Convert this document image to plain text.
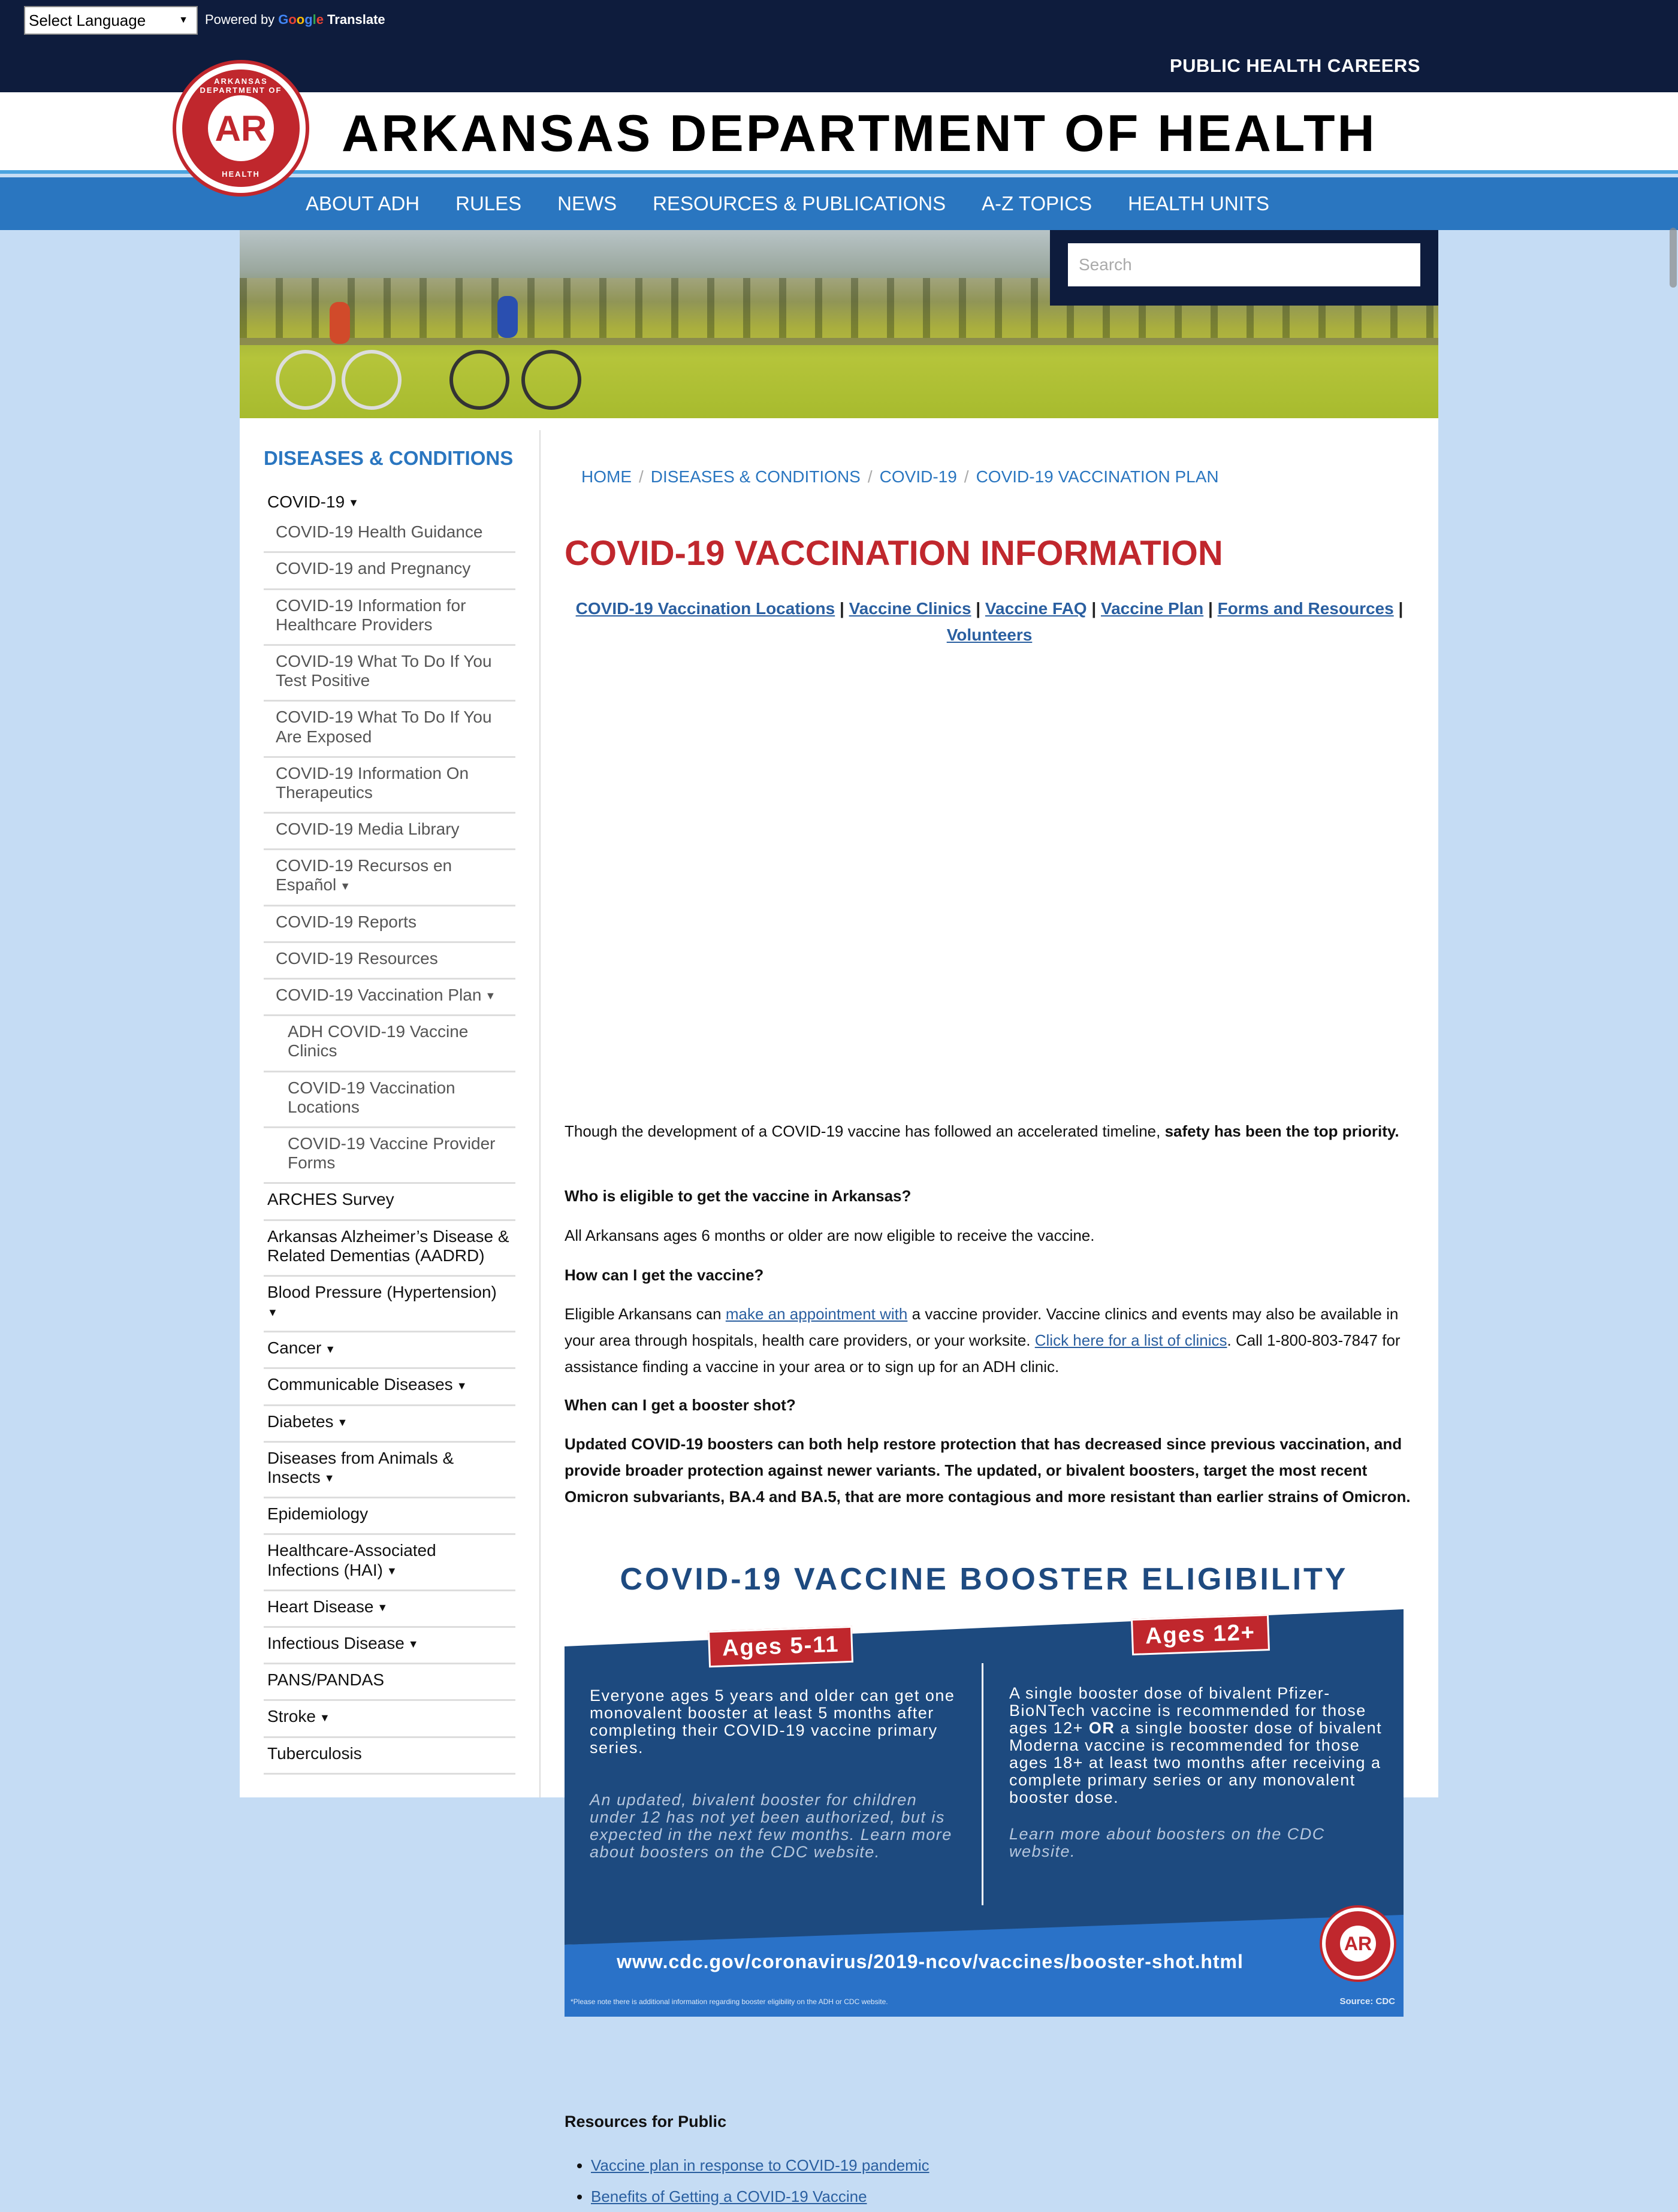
Select Language	▼ Powered by Google Translate
PUBLIC HEALTH CAREERS
ARKANSAS DEPARTMENT OF HEALTH
ARKANSAS DEPARTMENT OF
AR
HEALTH
ABOUT ADH RULES NEWS RESOURCES & PUBLICATIONS A-Z TOPICS HEALTH UNITS
Search
DISEASES & CONDITIONS
COVID-19 ▼
COVID-19 Health Guidance
COVID-19 and Pregnancy
COVID-19 Information for Healthcare Providers
COVID-19 What To Do If You Test Positive
COVID-19 What To Do If You Are Exposed
COVID-19 Information On Therapeutics
COVID-19 Media Library
COVID-19 Recursos en Español ▼
COVID-19 Reports
COVID-19 Resources
COVID-19 Vaccination Plan ▼
ADH COVID-19 Vaccine Clinics
COVID-19 Vaccination Locations
COVID-19 Vaccine Provider Forms
ARCHES Survey
Arkansas Alzheimer’s Disease & Related Dementias (AADRD)
Blood Pressure (Hypertension)
▼
Cancer ▼
Communicable Diseases ▼
Diabetes ▼
Diseases from Animals & Insects ▼
Epidemiology
Healthcare-Associated Infections (HAI) ▼
Heart Disease ▼
Infectious Disease ▼
PANS/PANDAS
Stroke ▼
Tuberculosis
HOME / DISEASES & CONDITIONS / COVID-19 / COVID-19 VACCINATION PLAN
COVID-19 VACCINATION INFORMATION
COVID-19 Vaccination Locations | Vaccine Clinics | Vaccine FAQ | Vaccine Plan | Forms and Resources |
Volunteers

Though the development of a COVID-19 vaccine has followed an accelerated timeline, safety has been the top priority.

Who is eligible to get the vaccine in Arkansas?

All Arkansans ages 6 months or older are now eligible to receive the vaccine.

How can I get the vaccine?

Eligible Arkansans can make an appointment with a vaccine provider. Vaccine clinics and events may also be available in your area through hospitals, health care providers, or your worksite. Click here for a list of clinics. Call 1-800-803-7847 for assistance finding a vaccine in your area or to sign up for an ADH clinic.

When can I get a booster shot?

Updated COVID-19 boosters can both help restore protection that has decreased since previous vaccination, and provide broader protection against newer variants. The updated, or bivalent boosters, target the most recent Omicron subvariants, BA.4 and BA.5, that are more contagious and more resistant than earlier strains of Omicron.

COVID-19 VACCINE BOOSTER ELIGIBILITY
Ages 5-11	Ages 12+
Everyone ages 5 years and older can get one monovalent booster at least 5 months after completing their COVID-19 vaccine primary series.
An updated, bivalent booster for children under 12 has not yet been authorized, but is expected in the next few months. Learn more about boosters on the CDC website.
A single booster dose of bivalent Pfizer-BioNTech vaccine is recommended for those ages 12+ OR a single booster dose of bivalent Moderna vaccine is recommended for those ages 18+ at least two months after receiving a complete primary series or any monovalent booster dose.
Learn more about boosters on the CDC website.
www.cdc.gov/coronavirus/2019-ncov/vaccines/booster-shot.html
*Please note there is additional information regarding booster eligibility on the ADH or CDC website.	Source: CDC
AR
Resources for Public
• Vaccine plan in response to COVID-19 pandemic
• Benefits of Getting a COVID-19 Vaccine
